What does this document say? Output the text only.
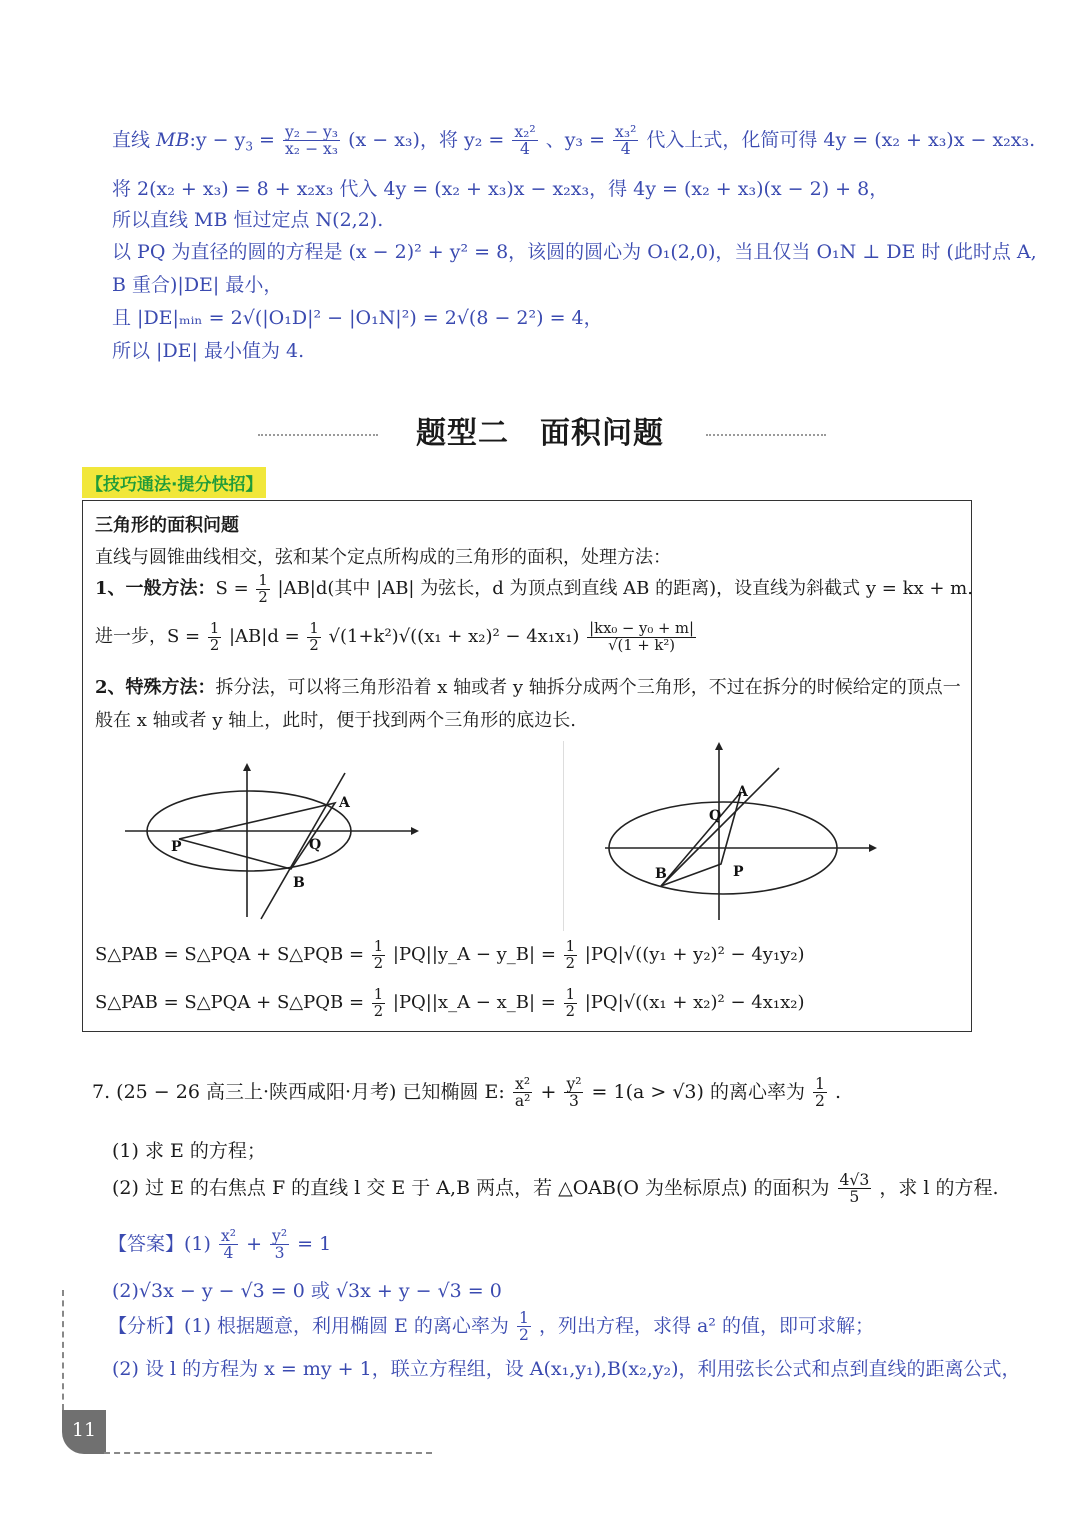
直线 MB:y − $y_3 = \frac{\text{y₂ − y₃}}{\text{x₂ − x₃}} (x - x_3)$，将 $y_2 = \frac{\text{x₂²}}{4}$ 、$y_3 = \frac{\text{x₃²}}{4}$ 代入上式，化简可得 4y = (x₂ + x₃)x − x₂x₃.
将 2(x₂ + x₃) = 8 + x₂x₃ 代入 4y = (x₂ + x₃)x − x₂x₃，得 4y = (x₂ + x₃)(x − 2) + 8，
所以直线 MB 恒过定点 N(2,2).
以 PQ 为直径的圆的方程是 (x − 2)² + y² = 8，该圆的圆心为 O₁(2,0)，当且仅当 O₁N ⊥ DE 时 (此时点 A,
B 重合)|DE| 最小，
且 |DE|ₘᵢₙ = 2√(|O₁D|² − |O₁N|²) = 2√(8 − 2²) = 4，
所以 |DE| 最小值为 4.
题型二　面积问题
【技巧通法·提分快招】
三角形的面积问题
直线与圆锥曲线相交，弦和某个定点所构成的三角形的面积，处理方法：
1、一般方法：$S = \frac{1}{2} |AB|d$(其中 |AB| 为弦长，d 为顶点到直线 AB 的距离)，设直线为斜截式 y = kx + m.
进一步，$S = \frac{1}{2} |AB|d = \frac{1}{2} √(1+k^2)√((x_1 + x_2)^2 - 4x_1x_1) \frac{\text{|kx₀ − y₀ + m|}}{\text{√(1 + k²)}}$
2、特殊方法：拆分法，可以将三角形沿着 x 轴或者 y 轴拆分成两个三角形，不过在拆分的时候给定的顶点一
般在 x 轴或者 y 轴上，此时，便于找到两个三角形的底边长.
A
P	Q
B
A
Q
B	P
S△PAB = S△PQA + S△PQB = $\frac{1}{2}$ |PQ||y_A − y_B| = $\frac{1}{2} |PQ|√((y_1 + y_2)^2 - 4y_1y_2)$
S△PAB = S△PQA + S△PQB = $\frac{1}{2}$ |PQ||x_A − x_B| = $\frac{1}{2} |PQ|√((x_1 + x_2)^2 - 4x_1x_2)$
7. (25 − 26 高三上·陕西咸阳·月考) 已知椭圆 E: $\frac{\text{x²}}{\text{a²}} + \frac{\text{y²}}{3} = 1(a > √3)$ 的离心率为 $\frac{1}{2}$ .
(1) 求 E 的方程；
(2) 过 E 的右焦点 F 的直线 l 交 E 于 A,B 两点，若 △OAB(O 为坐标原点) 的面积为 $\frac{4√3}{5}$ ，求 l 的方程.
【答案】$(1) \frac{\text{x²}}{4} + \frac{\text{y²}}{3} = 1$
(2)√3x − y − √3 = 0 或 √3x + y − √3 = 0
【分析】(1) 根据题意，利用椭圆 E 的离心率为 $\frac{1}{2}$ ，列出方程，求得 a² 的值，即可求解；
(2) 设 l 的方程为 x = my + 1，联立方程组，设 A(x₁,y₁),B(x₂,y₂)，利用弦长公式和点到直线的距离公式，
11
